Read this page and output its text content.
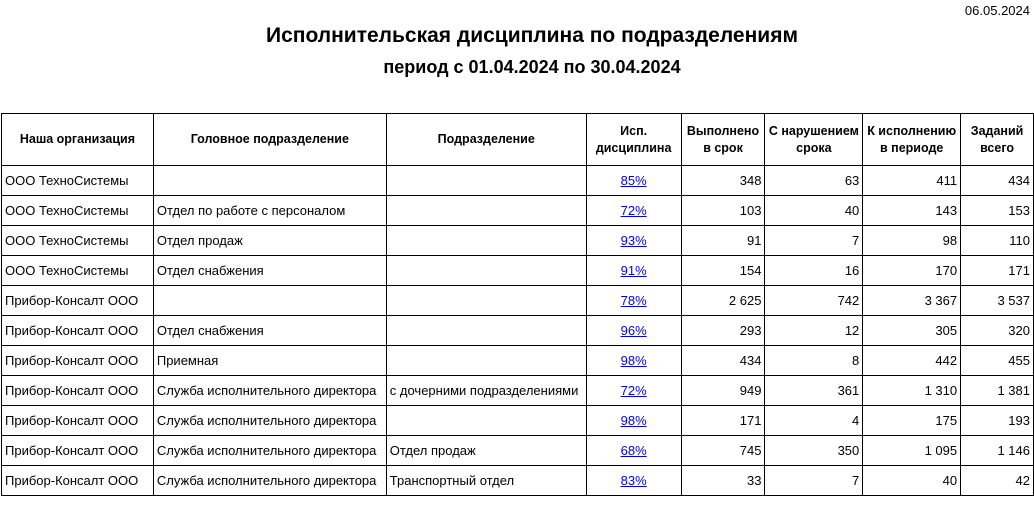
06.05.2024
Исполнительская дисциплина по подразделениям
период с 01.04.2024 по 30.04.2024
Наша организация	Головное подразделение	Подразделение	Исп. дисциплина	Выполнено в срок	С нарушением срока	К исполнению в периоде	Заданий всего
ООО ТехноСистемы			85%	348	63	411	434
ООО ТехноСистемы	Отдел по работе с персоналом		72%	103	40	143	153
ООО ТехноСистемы	Отдел продаж		93%	91	7	98	110
ООО ТехноСистемы	Отдел снабжения		91%	154	16	170	171
Прибор-Консалт ООО			78%	2 625	742	3 367	3 537
Прибор-Консалт ООО	Отдел снабжения		96%	293	12	305	320
Прибор-Консалт ООО	Приемная		98%	434	8	442	455
Прибор-Консалт ООО	Служба исполнительного директора	с дочерними подразделениями	72%	949	361	1 310	1 381
Прибор-Консалт ООО	Служба исполнительного директора		98%	171	4	175	193
Прибор-Консалт ООО	Служба исполнительного директора	Отдел продаж	68%	745	350	1 095	1 146
Прибор-Консалт ООО	Служба исполнительного директора	Транспортный отдел	83%	33	7	40	42
